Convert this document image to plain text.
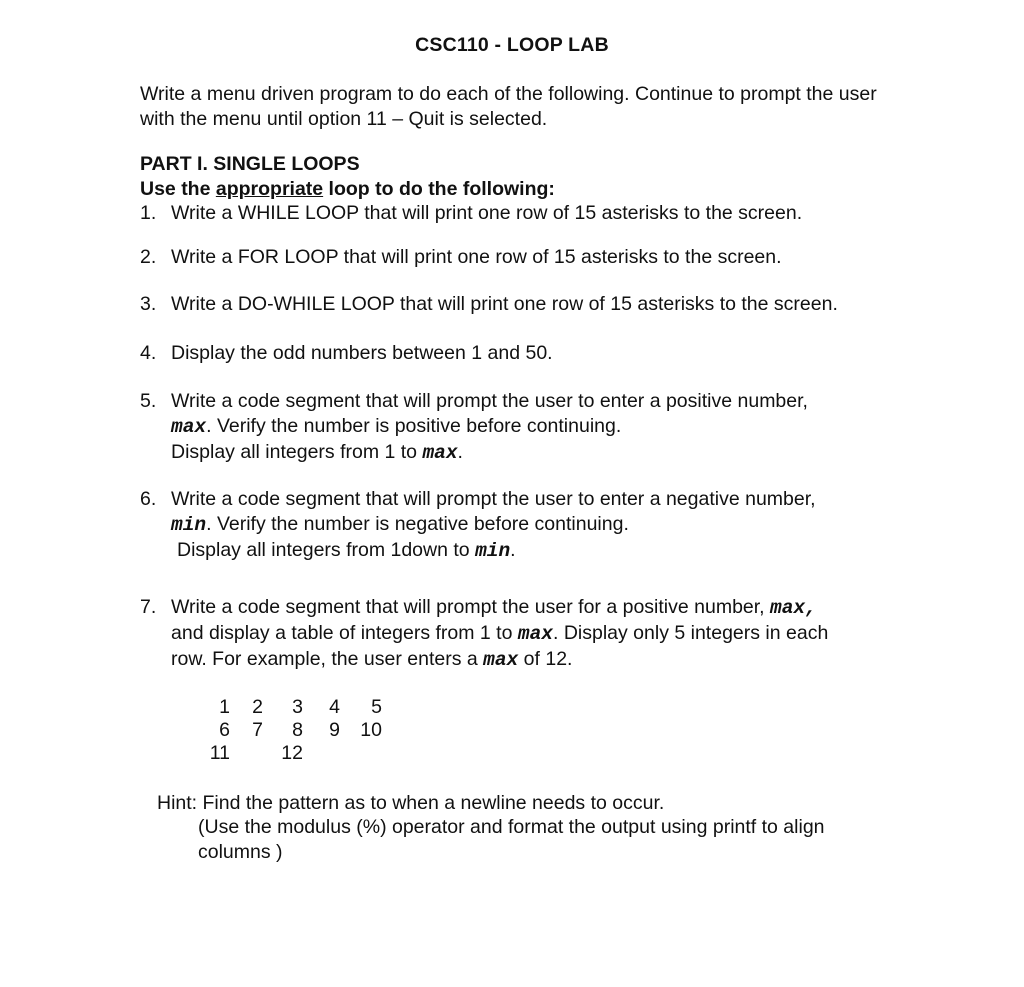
CSC110 - LOOP LAB
Write a menu driven program to do each of the following. Continue to prompt the user with the menu until option 11 – Quit is selected.
PART I. SINGLE LOOPS
Use the appropriate loop to do the following:
1. Write a WHILE LOOP that will print one row of 15 asterisks to the screen.
2. Write a FOR LOOP that will print one row of 15 asterisks to the screen.
3. Write a DO-WHILE LOOP that will print one row of 15 asterisks to the screen.
4. Display the odd numbers between 1 and 50.
5. Write a code segment that will prompt the user to enter a positive number,
max. Verify the number is positive before continuing.
Display all integers from 1 to max.
6. Write a code segment that will prompt the user to enter a negative number,
min. Verify the number is negative before continuing.
Display all integers from 1down to min.
7. Write a code segment that will prompt the user for a positive number, max,
and display a table of integers from 1 to max. Display only 5 integers in each
row. For example, the user enters a max of 12.
1	2	3	4	5
6	7	8	9	10
11		12		
Hint: Find the pattern as to when a newline needs to occur.
(Use the modulus (%) operator and format the output using printf to align columns )
